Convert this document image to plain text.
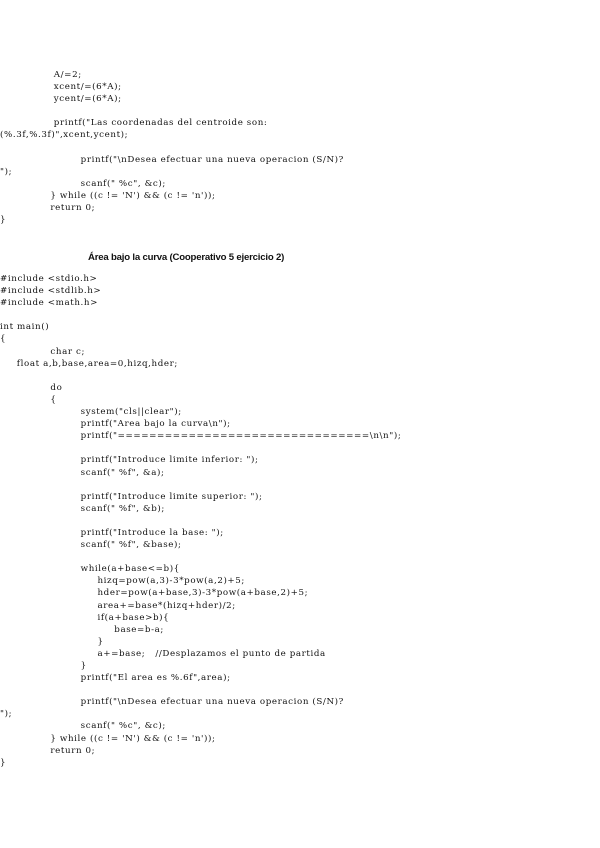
A/=2;
xcent/=(6*A);
ycent/=(6*A);
printf("Las coordenadas del centroide son:
(%.3f,%.3f)",xcent,ycent);
printf("\nDesea efectuar una nueva operacion (S/N)?
");
scanf(" %c", &c);
} while ((c != 'N') && (c != 'n'));
return 0;
}
Área bajo la curva (Cooperativo 5 ejercicio 2)
#include <stdio.h>
#include <stdlib.h>
#include <math.h>
int main()
{
char c;
float a,b,base,area=0,hizq,hder;
do
{
system("cls||clear");
printf("Area bajo la curva\n");
printf("================================\n\n");
printf("Introduce limite inferior: ");
scanf(" %f", &a);
printf("Introduce limite superior: ");
scanf(" %f", &b);
printf("Introduce la base: ");
scanf(" %f", &base);
while(a+base<=b){
hizq=pow(a,3)-3*pow(a,2)+5;
hder=pow(a+base,3)-3*pow(a+base,2)+5;
area+=base*(hizq+hder)/2;
if(a+base>b){
base=b-a;
}
a+=base;   //Desplazamos el punto de partida
}
printf("El area es %.6f",area);
printf("\nDesea efectuar una nueva operacion (S/N)?
");
scanf(" %c", &c);
} while ((c != 'N') && (c != 'n'));
return 0;
}
